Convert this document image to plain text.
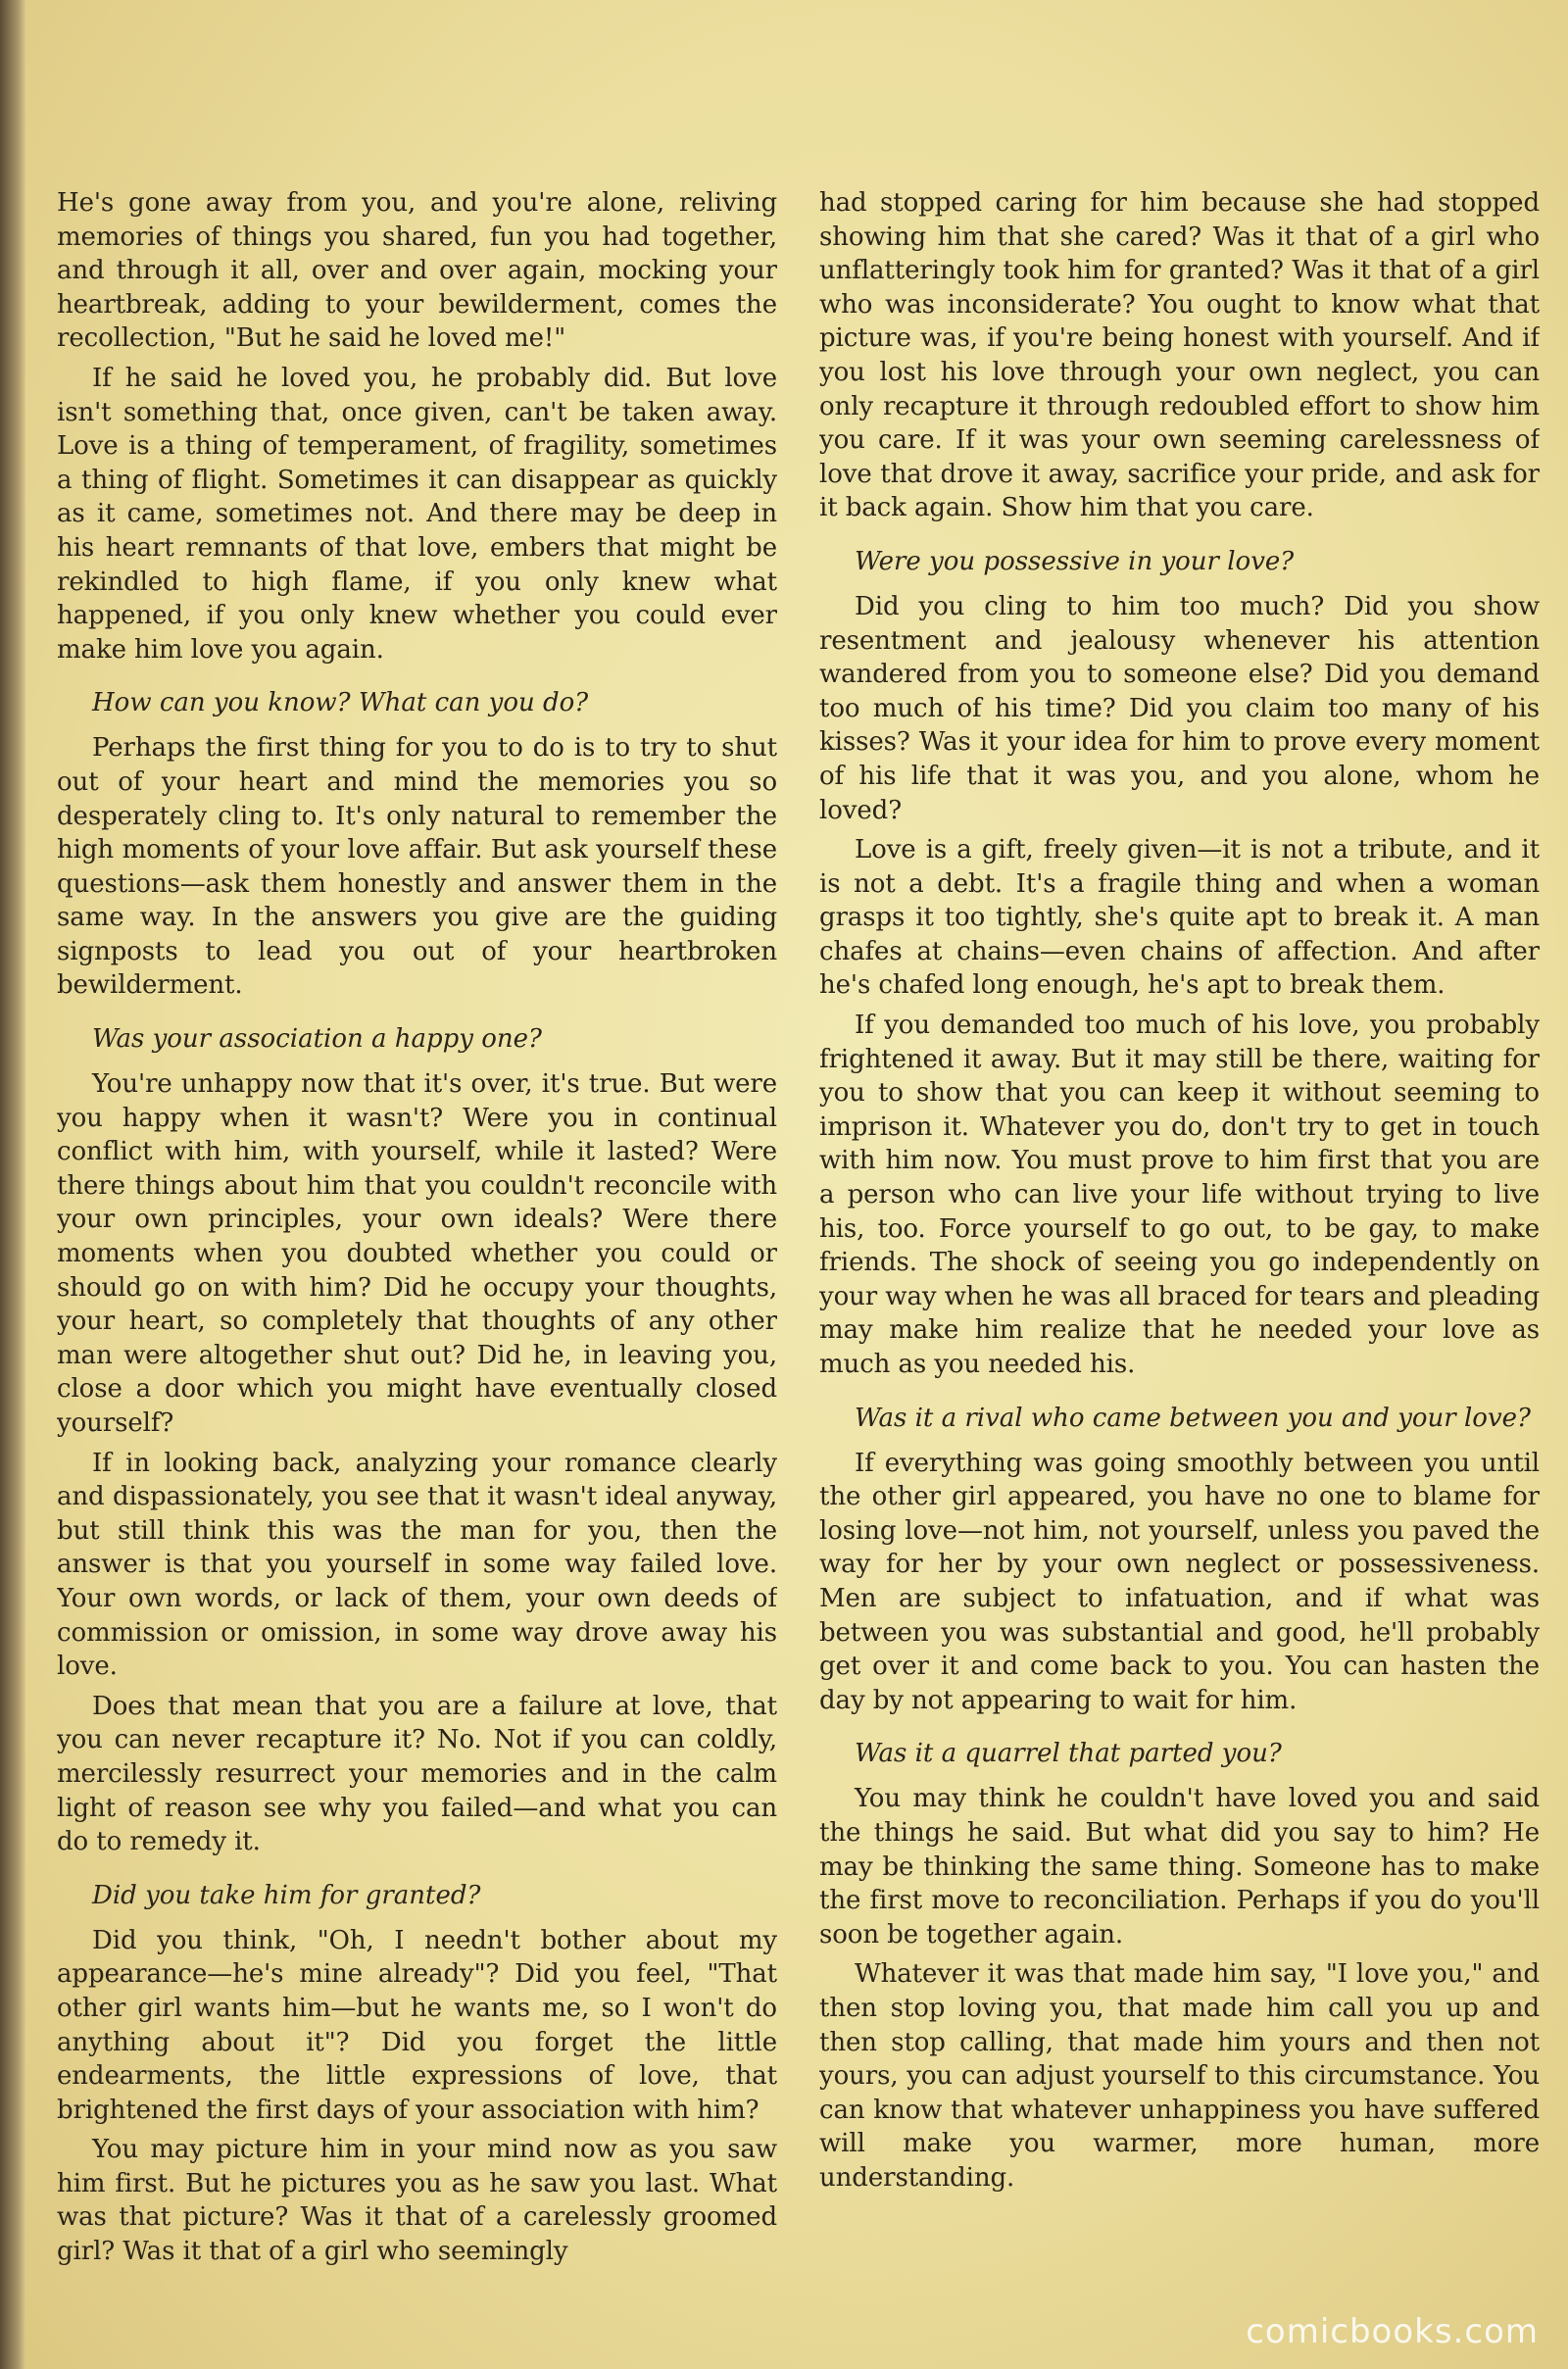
He's gone away from you, and you're alone, reliving memories of things you shared, fun you had together, and through it all, over and over again, mocking your heartbreak, adding to your bewilderment, comes the recollection, "But he said he loved me!"

If he said he loved you, he probably did. But love isn't something that, once given, can't be taken away. Love is a thing of temperament, of fragility, sometimes a thing of flight. Sometimes it can disappear as quickly as it came, sometimes not. And there may be deep in his heart remnants of that love, embers that might be rekindled to high flame, if you only knew what happened, if you only knew whether you could ever make him love you again.

How can you know? What can you do?

Perhaps the first thing for you to do is to try to shut out of your heart and mind the memories you so desperately cling to. It's only natural to remember the high moments of your love affair. But ask yourself these questions—ask them honestly and answer them in the same way. In the answers you give are the guiding signposts to lead you out of your heartbroken bewilderment.

Was your association a happy one?

You're unhappy now that it's over, it's true. But were you happy when it wasn't? Were you in continual conflict with him, with yourself, while it lasted? Were there things about him that you couldn't reconcile with your own principles, your own ideals? Were there moments when you doubted whether you could or should go on with him? Did he occupy your thoughts, your heart, so completely that thoughts of any other man were altogether shut out? Did he, in leaving you, close a door which you might have eventually closed yourself?

If in looking back, analyzing your romance clearly and dispassionately, you see that it wasn't ideal anyway, but still think this was the man for you, then the answer is that you yourself in some way failed love. Your own words, or lack of them, your own deeds of commission or omission, in some way drove away his love.

Does that mean that you are a failure at love, that you can never recapture it? No. Not if you can coldly, mercilessly resurrect your memories and in the calm light of reason see why you failed—and what you can do to remedy it.

Did you take him for granted?

Did you think, "Oh, I needn't bother about my appearance—he's mine already"? Did you feel, "That other girl wants him—but he wants me, so I won't do anything about it"? Did you forget the little endearments, the little expressions of love, that brightened the first days of your association with him?

You may picture him in your mind now as you saw him first. But he pictures you as he saw you last. What was that picture? Was it that of a carelessly groomed girl? Was it that of a girl who seemingly

had stopped caring for him because she had stopped showing him that she cared? Was it that of a girl who unflatteringly took him for granted? Was it that of a girl who was inconsiderate? You ought to know what that picture was, if you're being honest with yourself. And if you lost his love through your own neglect, you can only recapture it through redoubled effort to show him you care. If it was your own seeming carelessness of love that drove it away, sacrifice your pride, and ask for it back again. Show him that you care.

Were you possessive in your love?

Did you cling to him too much? Did you show resentment and jealousy whenever his attention wandered from you to someone else? Did you demand too much of his time? Did you claim too many of his kisses? Was it your idea for him to prove every moment of his life that it was you, and you alone, whom he loved?

Love is a gift, freely given—it is not a tribute, and it is not a debt. It's a fragile thing and when a woman grasps it too tightly, she's quite apt to break it. A man chafes at chains—even chains of affection. And after he's chafed long enough, he's apt to break them.

If you demanded too much of his love, you probably frightened it away. But it may still be there, waiting for you to show that you can keep it without seeming to imprison it. Whatever you do, don't try to get in touch with him now. You must prove to him first that you are a person who can live your life without trying to live his, too. Force yourself to go out, to be gay, to make friends. The shock of seeing you go independently on your way when he was all braced for tears and pleading may make him realize that he needed your love as much as you needed his.

Was it a rival who came between you and your love?

If everything was going smoothly between you until the other girl appeared, you have no one to blame for losing love—not him, not yourself, unless you paved the way for her by your own neglect or possessiveness. Men are subject to infatuation, and if what was between you was substantial and good, he'll probably get over it and come back to you. You can hasten the day by not appearing to wait for him.

Was it a quarrel that parted you?

You may think he couldn't have loved you and said the things he said. But what did you say to him? He may be thinking the same thing. Someone has to make the first move to reconciliation. Perhaps if you do you'll soon be together again.

Whatever it was that made him say, "I love you," and then stop loving you, that made him call you up and then stop calling, that made him yours and then not yours, you can adjust yourself to this circumstance. You can know that whatever unhappiness you have suffered will make you warmer, more human, more understanding.

comicbooks.com
